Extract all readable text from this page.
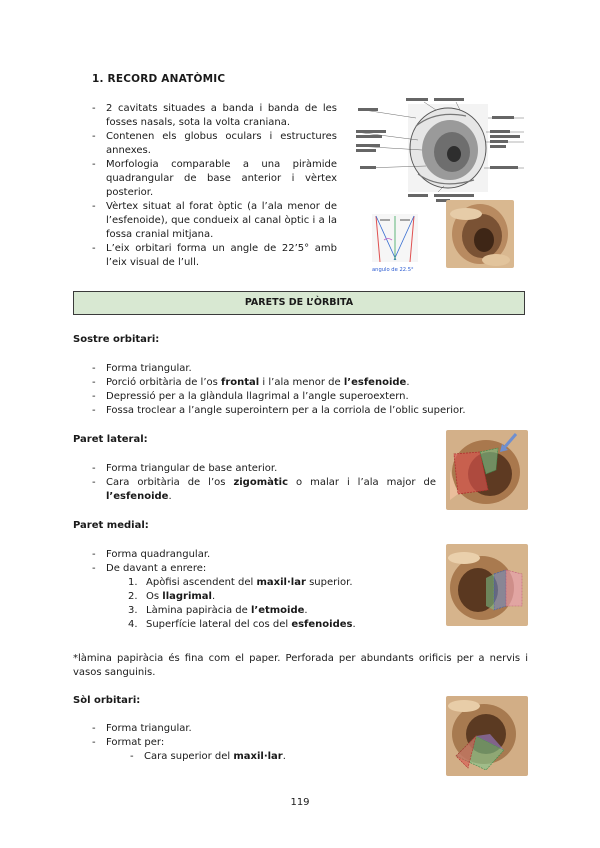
1. RECORD ANATÒMIC

- 2 cavitats situades a banda i banda de les fosses nasals, sota la volta craniana.

- Contenen els globus oculars i estructures annexes.

- Morfologia comparable a una piràmide quadrangular de base anterior i vèrtex posterior.

- Vèrtex situat al forat òptic (a l’ala menor de l’esfenoide), que condueix al canal òptic i a la fossa cranial mitjana.

- L’eix orbitari forma un angle de 22’5° amb l’eix visual de l’ull.

angulo de 22.5°
PARETS DE L’ÒRBITA
Sostre orbitari:

- Forma triangular.

- Porció orbitària de l’os frontal i l’ala menor de l’esfenoide.

- Depressió per a la glàndula llagrimal a l’angle superoextern.

- Fossa troclear a l’angle superointern per a la corriola de l’oblic superior.

Paret lateral:

- Forma triangular de base anterior.

- Cara orbitària de l’os zigomàtic o malar i l’ala major de l’esfenoide.

Paret medial:

- Forma quadrangular.

- De davant a enrere:

1. Apòfisi ascendent del maxil·lar superior.

2. Os llagrimal.

3. Làmina papiràcia de l’etmoide.

4. Superfície lateral del cos del esfenoides.

*làmina papiràcia és fina com el paper. Perforada per abundants orificis per a nervis i vasos sanguinis.
Sòl orbitari:

- Forma triangular.

- Format per:

- Cara superior del maxil·lar.

119
